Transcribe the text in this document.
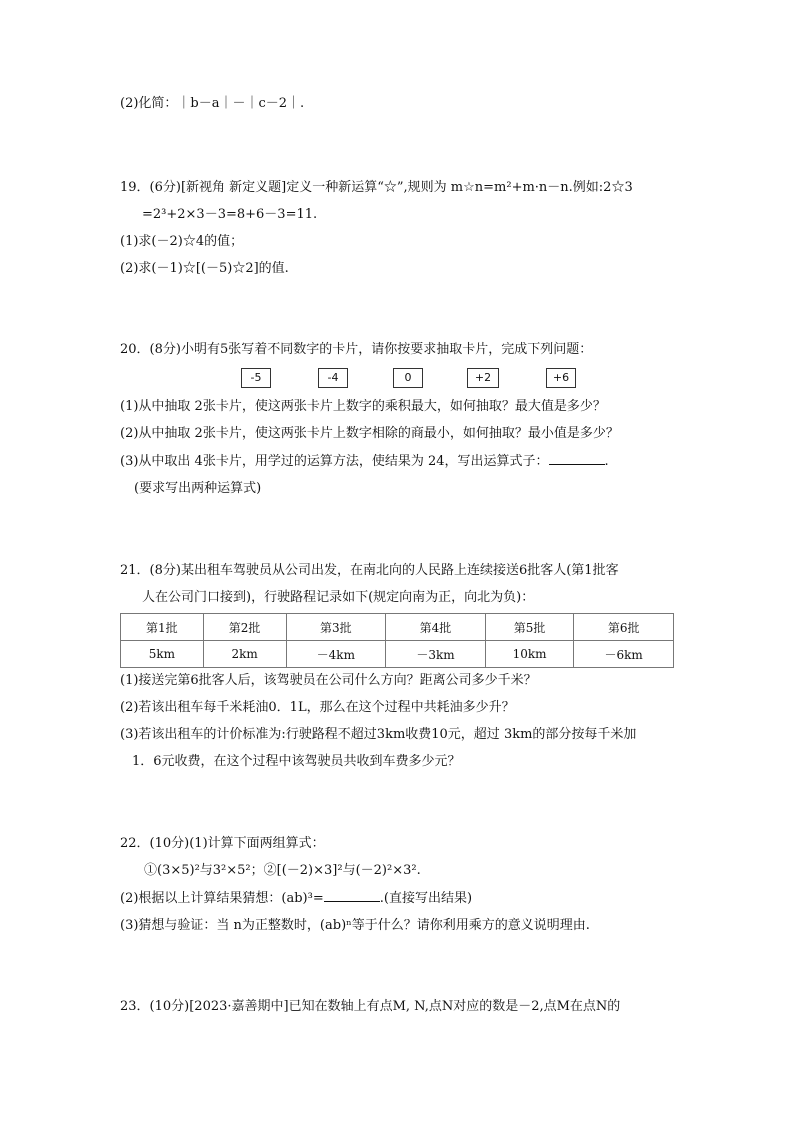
(2)化简：｜b－a｜－｜c－2｜.
19．(6分)[新视角 新定义题]定义一种新运算“☆”,规则为 m☆n=m²+m·n－n.例如:2☆3
=2³+2×3－3=8+6－3=11.
(1)求(－2)☆4的值；
(2)求(－1)☆[(－5)☆2]的值.
20．(8分)小明有5张写着不同数字的卡片，请你按要求抽取卡片，完成下列问题：
-5	-4	0	+2	+6
(1)从中抽取 2张卡片，使这两张卡片上数字的乘积最大，如何抽取？最大值是多少？
(2)从中抽取 2张卡片，使这两张卡片上数字相除的商最小，如何抽取？最小值是多少？
(3)从中取出 4张卡片，用学过的运算方法，使结果为 24，写出运算式子：	.
(要求写出两种运算式)
21．(8分)某出租车驾驶员从公司出发，在南北向的人民路上连续接送6批客人(第1批客
人在公司门口接到)，行驶路程记录如下(规定向南为正，向北为负)：
第1批	第2批	第3批	第4批	第5批	第6批
5km	2km	－4km	－3km	10km	－6km
(1)接送完第6批客人后，该驾驶员在公司什么方向？距离公司多少千米？
(2)若该出租车每千米耗油0．1L，那么在这个过程中共耗油多少升？
(3)若该出租车的计价标准为:行驶路程不超过3km收费10元，超过 3km的部分按每千米加
1．6元收费，在这个过程中该驾驶员共收到车费多少元？
22．(10分)(1)计算下面两组算式：
①(3×5)²与3²×5²；②[(－2)×3]²与(－2)²×3².
(2)根据以上计算结果猜想：(ab)³=	.(直接写出结果)
(3)猜想与验证：当 n为正整数时，(ab)ⁿ等于什么？请你利用乘方的意义说明理由.
23．(10分)[2023·嘉善期中]已知在数轴上有点M, N,点N对应的数是－2,点M在点N的
